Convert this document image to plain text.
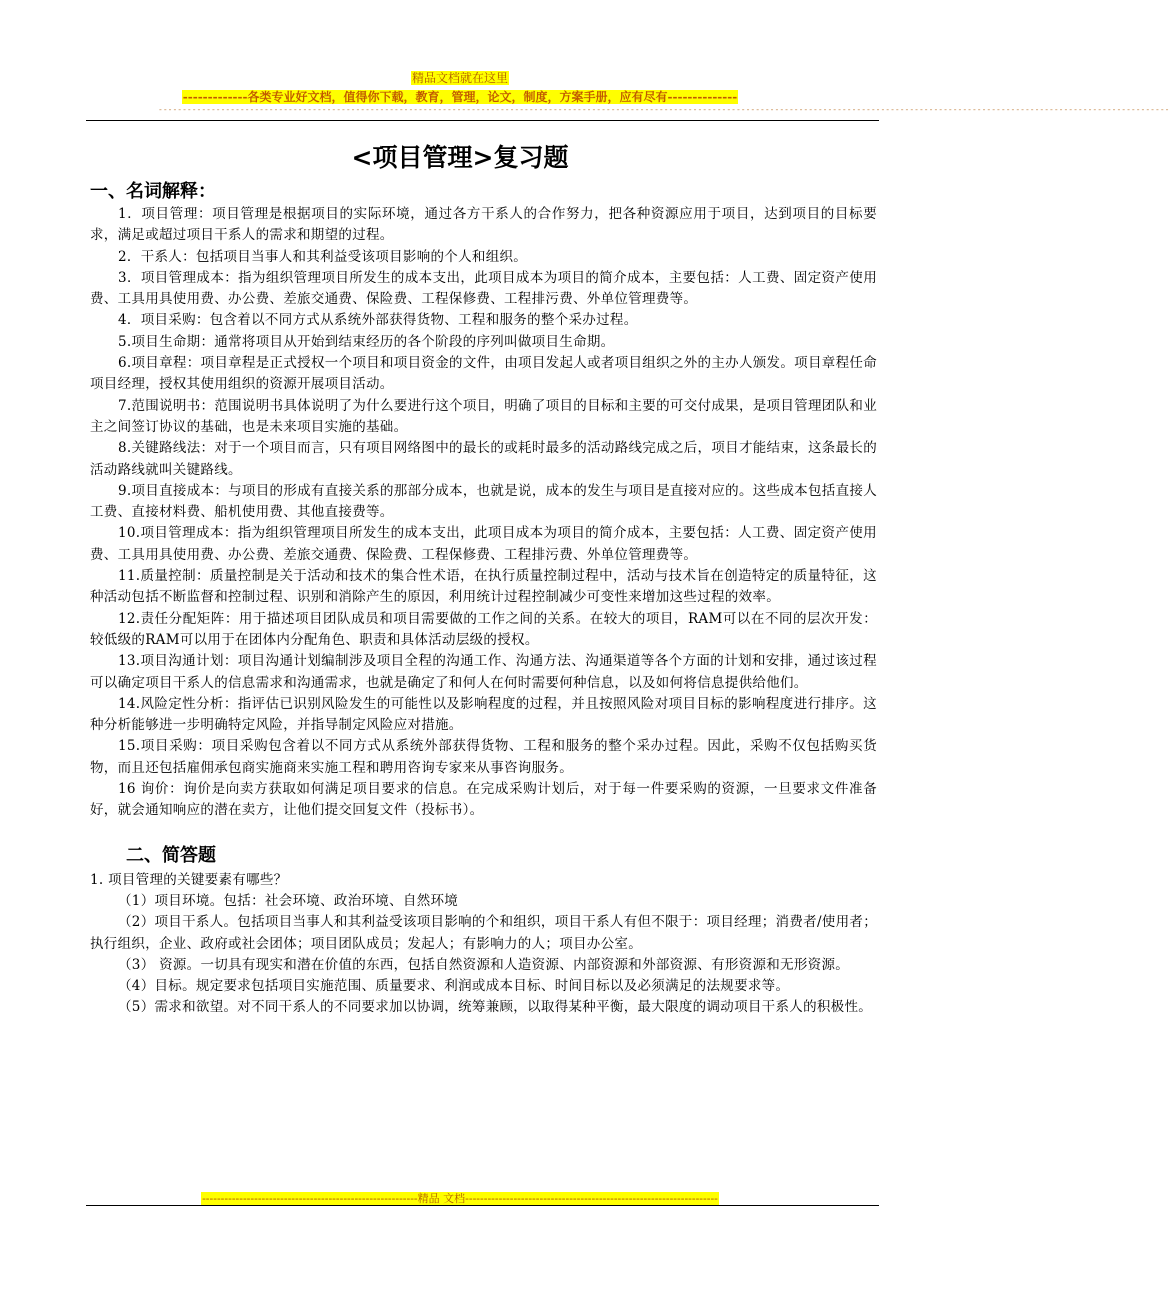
精品文档就在这里
-------------各类专业好文档，值得你下载，教育，管理，论文，制度，方案手册，应有尽有--------------
------------------------------------------------------------------------------------------------------------------------------------------------------------------------------------------------------------------
<项目管理>复习题
一、名词解释：

1．项目管理：项目管理是根据项目的实际环境，通过各方干系人的合作努力，把各种资源应用于项目，达到项目的目标要求，满足或超过项目干系人的需求和期望的过程。

2．干系人：包括项目当事人和其利益受该项目影响的个人和组织。

3．项目管理成本：指为组织管理项目所发生的成本支出，此项目成本为项目的简介成本，主要包括：人工费、固定资产使用费、工具用具使用费、办公费、差旅交通费、保险费、工程保修费、工程排污费、外单位管理费等。

4．项目采购：包含着以不同方式从系统外部获得货物、工程和服务的整个采办过程。

5.项目生命期：通常将项目从开始到结束经历的各个阶段的序列叫做项目生命期。

6.项目章程：项目章程是正式授权一个项目和项目资金的文件，由项目发起人或者项目组织之外的主办人颁发。项目章程任命项目经理，授权其使用组织的资源开展项目活动。

7.范围说明书：范围说明书具体说明了为什么要进行这个项目，明确了项目的目标和主要的可交付成果，是项目管理团队和业主之间签订协议的基础，也是未来项目实施的基础。

8.关键路线法：对于一个项目而言，只有项目网络图中的最长的或耗时最多的活动路线完成之后，项目才能结束，这条最长的活动路线就叫关键路线。

9.项目直接成本：与项目的形成有直接关系的那部分成本，也就是说，成本的发生与项目是直接对应的。这些成本包括直接人工费、直接材料费、船机使用费、其他直接费等。

10.项目管理成本：指为组织管理项目所发生的成本支出，此项目成本为项目的简介成本，主要包括：人工费、固定资产使用费、工具用具使用费、办公费、差旅交通费、保险费、工程保修费、工程排污费、外单位管理费等。

11.质量控制：质量控制是关于活动和技术的集合性术语，在执行质量控制过程中，活动与技术旨在创造特定的质量特征，这种活动包括不断监督和控制过程、识别和消除产生的原因，利用统计过程控制减少可变性来增加这些过程的效率。

12.责任分配矩阵：用于描述项目团队成员和项目需要做的工作之间的关系。在较大的项目，RAM可以在不同的层次开发：较低级的RAM可以用于在团体内分配角色、职责和具体活动层级的授权。

13.项目沟通计划：项目沟通计划编制涉及项目全程的沟通工作、沟通方法、沟通渠道等各个方面的计划和安排，通过该过程可以确定项目干系人的信息需求和沟通需求，也就是确定了和何人在何时需要何种信息，以及如何将信息提供给他们。

14.风险定性分析：指评估已识别风险发生的可能性以及影响程度的过程，并且按照风险对项目目标的影响程度进行排序。这种分析能够进一步明确特定风险，并指导制定风险应对措施。

15.项目采购：项目采购包含着以不同方式从系统外部获得货物、工程和服务的整个采办过程。因此，采购不仅包括购买货物，而且还包括雇佣承包商实施商来实施工程和聘用咨询专家来从事咨询服务。

16 询价：询价是向卖方获取如何满足项目要求的信息。在完成采购计划后，对于每一件要采购的资源，一旦要求文件准备好，就会通知响应的潜在卖方，让他们提交回复文件（投标书）。

二、简答题

1. 项目管理的关键要素有哪些？

（1）项目环境。包括：社会环境、政治环境、自然环境

（2）项目干系人。包括项目当事人和其利益受该项目影响的个和组织，项目干系人有但不限于：项目经理；消费者/使用者；执行组织，企业、政府或社会团体；项目团队成员；发起人；有影响力的人；项目办公室。

（3） 资源。一切具有现实和潜在价值的东西，包括自然资源和人造资源、内部资源和外部资源、有形资源和无形资源。

（4）目标。规定要求包括项目实施范围、质量要求、利润或成本目标、时间目标以及必须满足的法规要求等。

（5）需求和欲望。对不同干系人的不同要求加以协调，统筹兼顾，以取得某种平衡，最大限度的调动项目干系人的积极性。

----------------------------------------------------------精品 文档--------------------------------------------------------------------
